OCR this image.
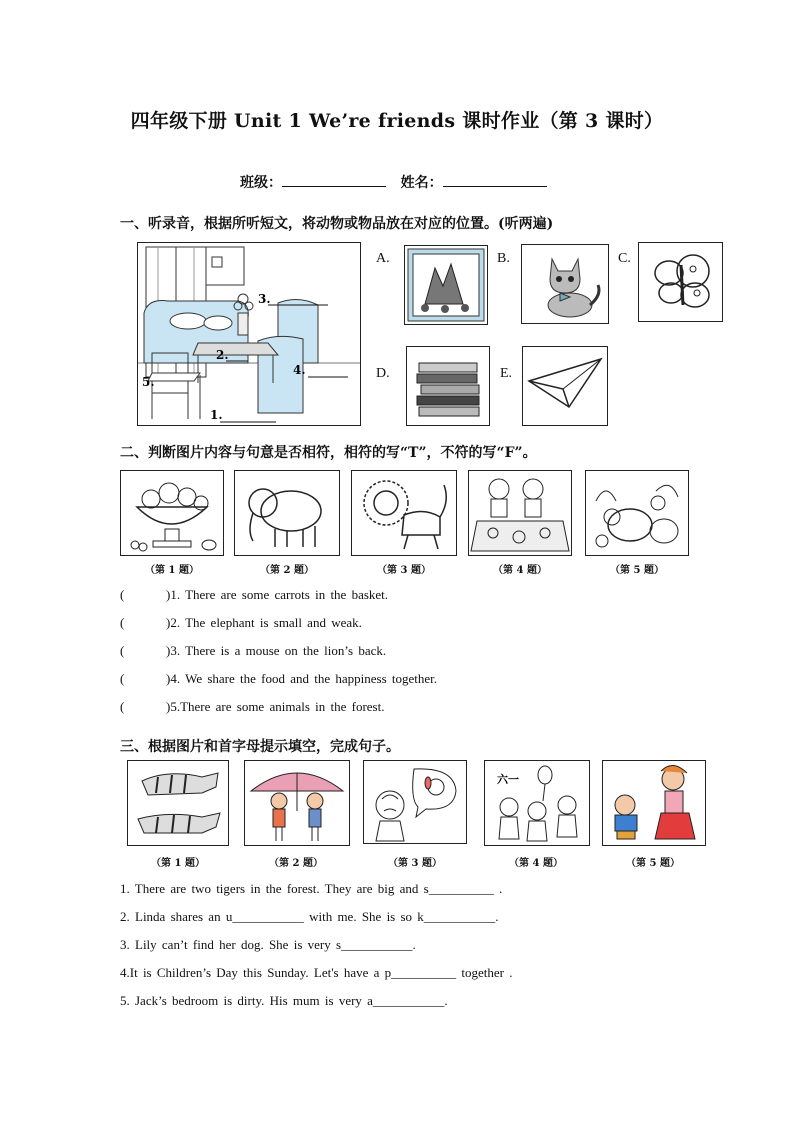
四年级下册 Unit 1 We’re friends 课时作业（第 3 课时）
班级：	姓名：
一、听录音，根据所听短文，将动物或物品放在对应的位置。(听两遍)
3.
2.
4.
5.
1.
A.	B.	C.
D.	E.
二、判断图片内容与句意是否相符，相符的写“T”，不符的写“F”。
（第 1 题）	（第 2 题）	（第 3 题）	（第 4 题）	（第 5 题）
(	)1. There are some carrots in the basket.
(	)2. The elephant is small and weak.
(	)3. There is a mouse on the lion’s back.
(	)4. We share the food and the happiness together.
(	)5.There are some animals in the forest.
三、根据图片和首字母提示填空，完成句子。
六一
（第 1 题）	（第 2 题）	（第 3 题）	（第 4 题）	（第 5 题）
1. There are two tigers in the forest. They are big and s__________ .
2. Linda shares an u___________ with me. She is so k___________.
3. Lily can’t find her dog. She is very s___________.
4.It is Children’s Day this Sunday. Let's have a p__________ together .
5. Jack’s bedroom is dirty. His mum is very a___________.
